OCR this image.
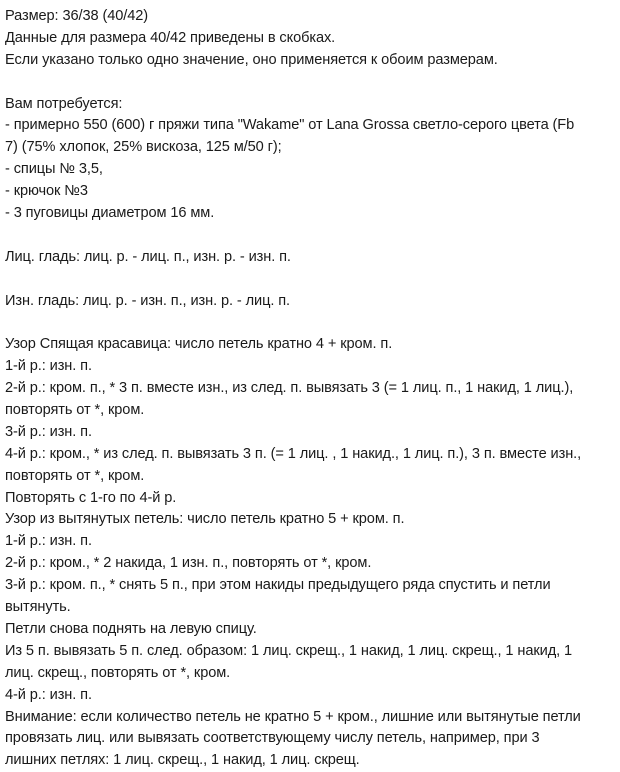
Размер: 36/38 (40/42)
Данные для размера 40/42 приведены в скобках.
Если указано только одно значение, оно применяется к обоим размерам.
Вам потребуется:
- примерно 550 (600) г пряжи типа "Wakame" от Lana Grossa светло-серого цвета (Fb
7) (75% хлопок, 25% вискоза, 125 м/50 г);
- спицы № 3,5,
- крючок №3
- 3 пуговицы диаметром 16 мм.
Лиц. гладь: лиц. р. - лиц. п., изн. р. - изн. п.
Изн. гладь: лиц. р. - изн. п., изн. р. - лиц. п.
Узор Спящая красавица: число петель кратно 4 + кром. п.
1-й р.: изн. п.
2-й р.: кром. п., * 3 п. вместе изн., из след. п. вывязать 3 (= 1 лиц. п., 1 накид, 1 лиц.),
повторять от *, кром.
3-й р.: изн. п.
4-й р.: кром., * из след. п. вывязать 3 п. (= 1 лиц. , 1 накид., 1 лиц. п.), 3 п. вместе изн.,
повторять от *, кром.
Повторять с 1-го по 4-й р.
Узор из вытянутых петель: число петель кратно 5 + кром. п.
1-й р.: изн. п.
2-й р.: кром., * 2 накида, 1 изн. п., повторять от *, кром.
3-й р.: кром. п., * снять 5 п., при этом накиды предыдущего ряда спустить и петли
вытянуть.
Петли снова поднять на левую спицу.
Из 5 п. вывязать 5 п. след. образом: 1 лиц. скрещ., 1 накид, 1 лиц. скрещ., 1 накид, 1
лиц. скрещ., повторять от *, кром.
4-й р.: изн. п.
Внимание: если количество петель не кратно 5 + кром., лишние или вытянутые петли
провязать лиц. или вывязать соответствующему числу петель, например, при 3
лишних петлях: 1 лиц. скрещ., 1 накид, 1 лиц. скрещ.
